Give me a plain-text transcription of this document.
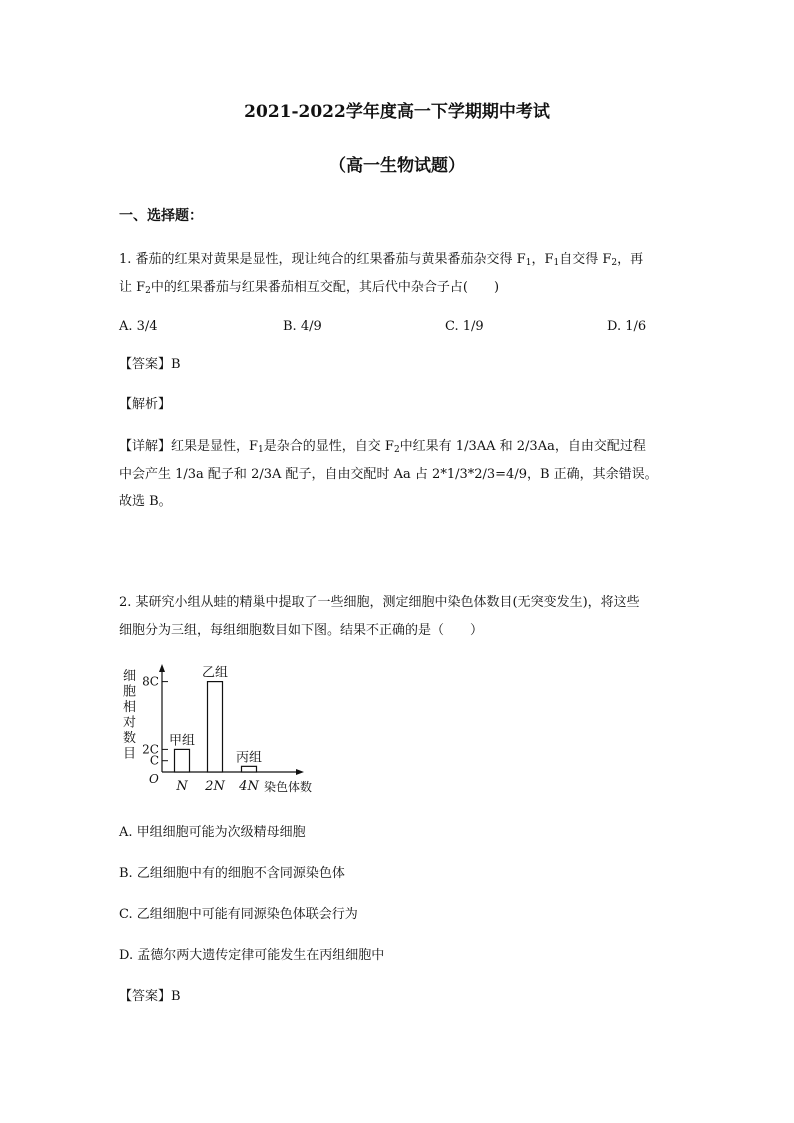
2021-2022学年度高一下学期期中考试
（高一生物试题）
一、选择题：
1. 番茄的红果对黄果是显性，现让纯合的红果番茄与黄果番茄杂交得 $F_1$，$F_1$自交得 $F_2$，再
让 $F_2$中的红果番茄与红果番茄相互交配，其后代中杂合子占(　　)
A. 3/4	B. 4/9	C. 1/9	D. 1/6
【答案】B
【解析】
【详解】红果是显性，$F_1$是杂合的显性，自交 $F_2$中红果有 1/3AA 和 2/3Aa，自由交配过程
中会产生 1/3a 配子和 2/3A 配子，自由交配时 Aa 占 2*1/3*2/3=4/9，B 正确，其余错误。
故选 B。
2. 某研究小组从蛙的精巢中提取了一些细胞，测定细胞中染色体数目(无突变发生)，将这些
细胞分为三组，每组细胞数目如下图。结果不正确的是（　　）
细
胞
相
对
数
目
O
染色体数
C
2C
8C
甲组
N
乙组
2N
丙组
4N
A. 甲组细胞可能为次级精母细胞
B. 乙组细胞中有的细胞不含同源染色体
C. 乙组细胞中可能有同源染色体联会行为
D. 孟德尔两大遗传定律可能发生在丙组细胞中
【答案】B
